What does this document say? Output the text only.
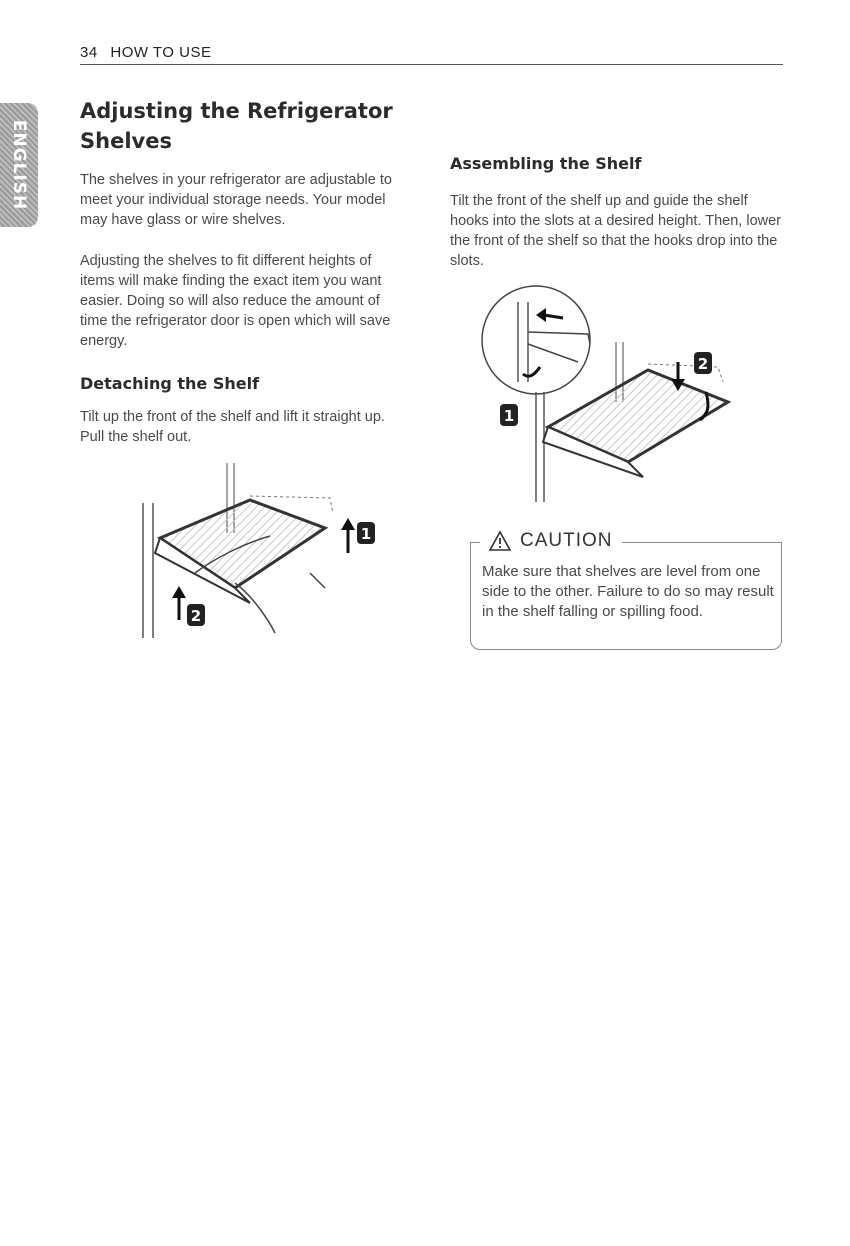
34 HOW TO USE
ENGLISH
Adjusting the Refrigerator Shelves

The shelves in your refrigerator are adjustable to meet your individual storage needs. Your model may have glass or wire shelves.

Adjusting the shelves to fit different heights of items will make finding the exact item you want easier. Doing so will also reduce the amount of time the refrigerator door is open which will save energy.

Detaching the Shelf

Tilt up the front of the shelf and lift it straight up. Pull the shelf out.

Assembling the Shelf

Tilt the front of the shelf up and guide the shelf hooks into the slots at a desired height. Then, lower the front of the shelf so that the hooks drop into the slots.

1
2
2
1
CAUTION
Make sure that shelves are level from one side to the other. Failure to do so may result in the shelf falling or spilling food.
